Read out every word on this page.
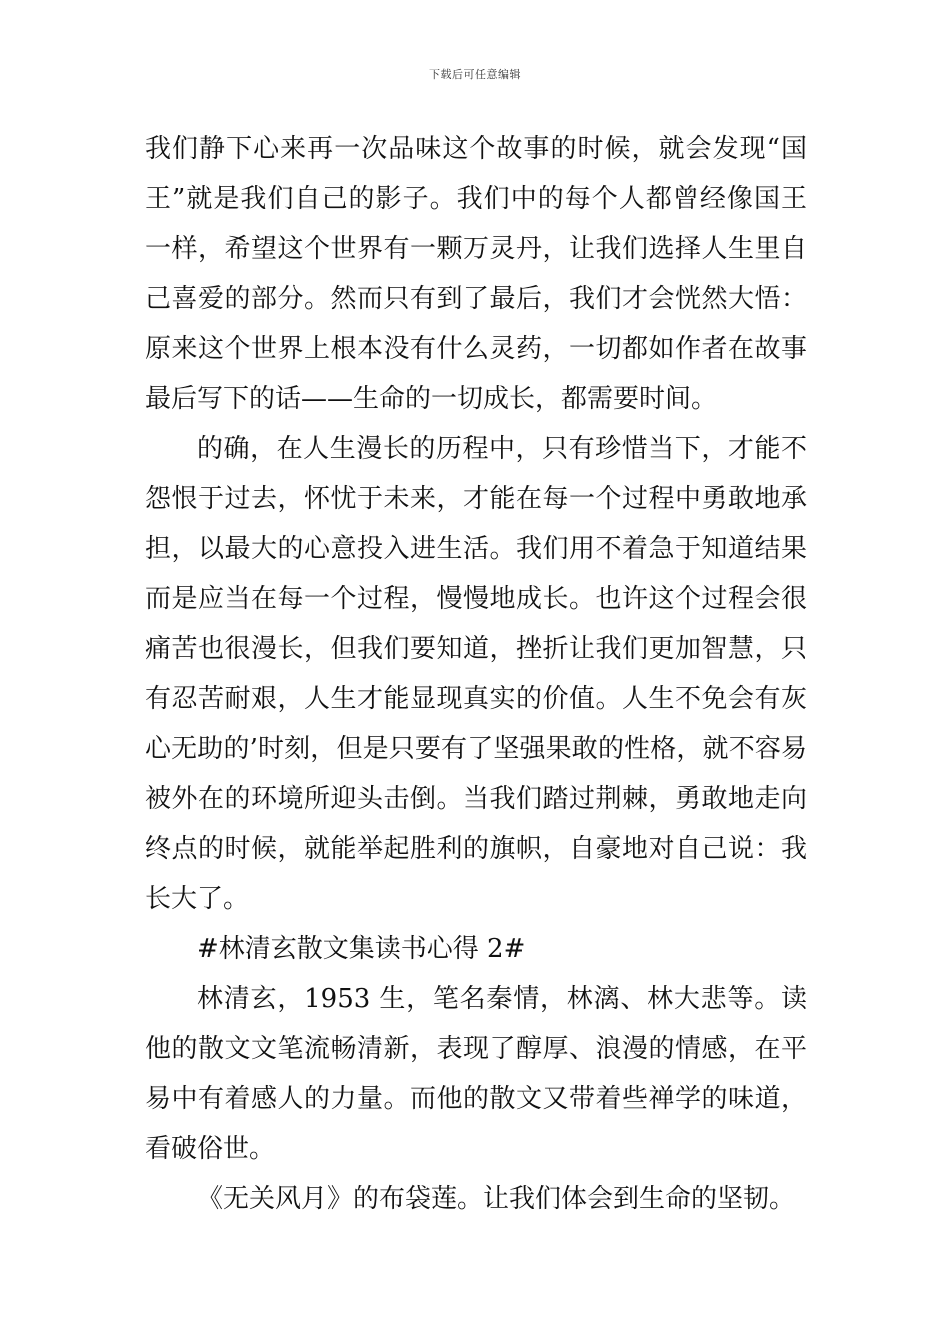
下载后可任意编辑

我们静下心来再一次品味这个故事的时候，就会发现“国王”就是我们自己的影子。我们中的每个人都曾经像国王一样，希望这个世界有一颗万灵丹，让我们选择人生里自己喜爱的部分。然而只有到了最后，我们才会恍然大悟：原来这个世界上根本没有什么灵药，一切都如作者在故事最后写下的话——生命的一切成长，都需要时间。

的确，在人生漫长的历程中，只有珍惜当下，才能不怨恨于过去，怀忧于未来，才能在每一个过程中勇敢地承担，以最大的心意投入进生活。我们用不着急于知道结果而是应当在每一个过程，慢慢地成长。也许这个过程会很痛苦也很漫长，但我们要知道，挫折让我们更加智慧，只有忍苦耐艰，人生才能显现真实的价值。人生不免会有灰心无助的’时刻，但是只要有了坚强果敢的性格，就不容易被外在的环境所迎头击倒。当我们踏过荆棘，勇敢地走向终点的时候，就能举起胜利的旗帜，自豪地对自己说：我长大了。

#林清玄散文集读书心得 2#

林清玄，1953 生，笔名秦情，林漓、林大悲等。读他的散文文笔流畅清新，表现了醇厚、浪漫的情感，在平易中有着感人的力量。而他的散文又带着些禅学的味道，看破俗世。

《无关风月》的布袋莲。让我们体会到生命的坚韧。
